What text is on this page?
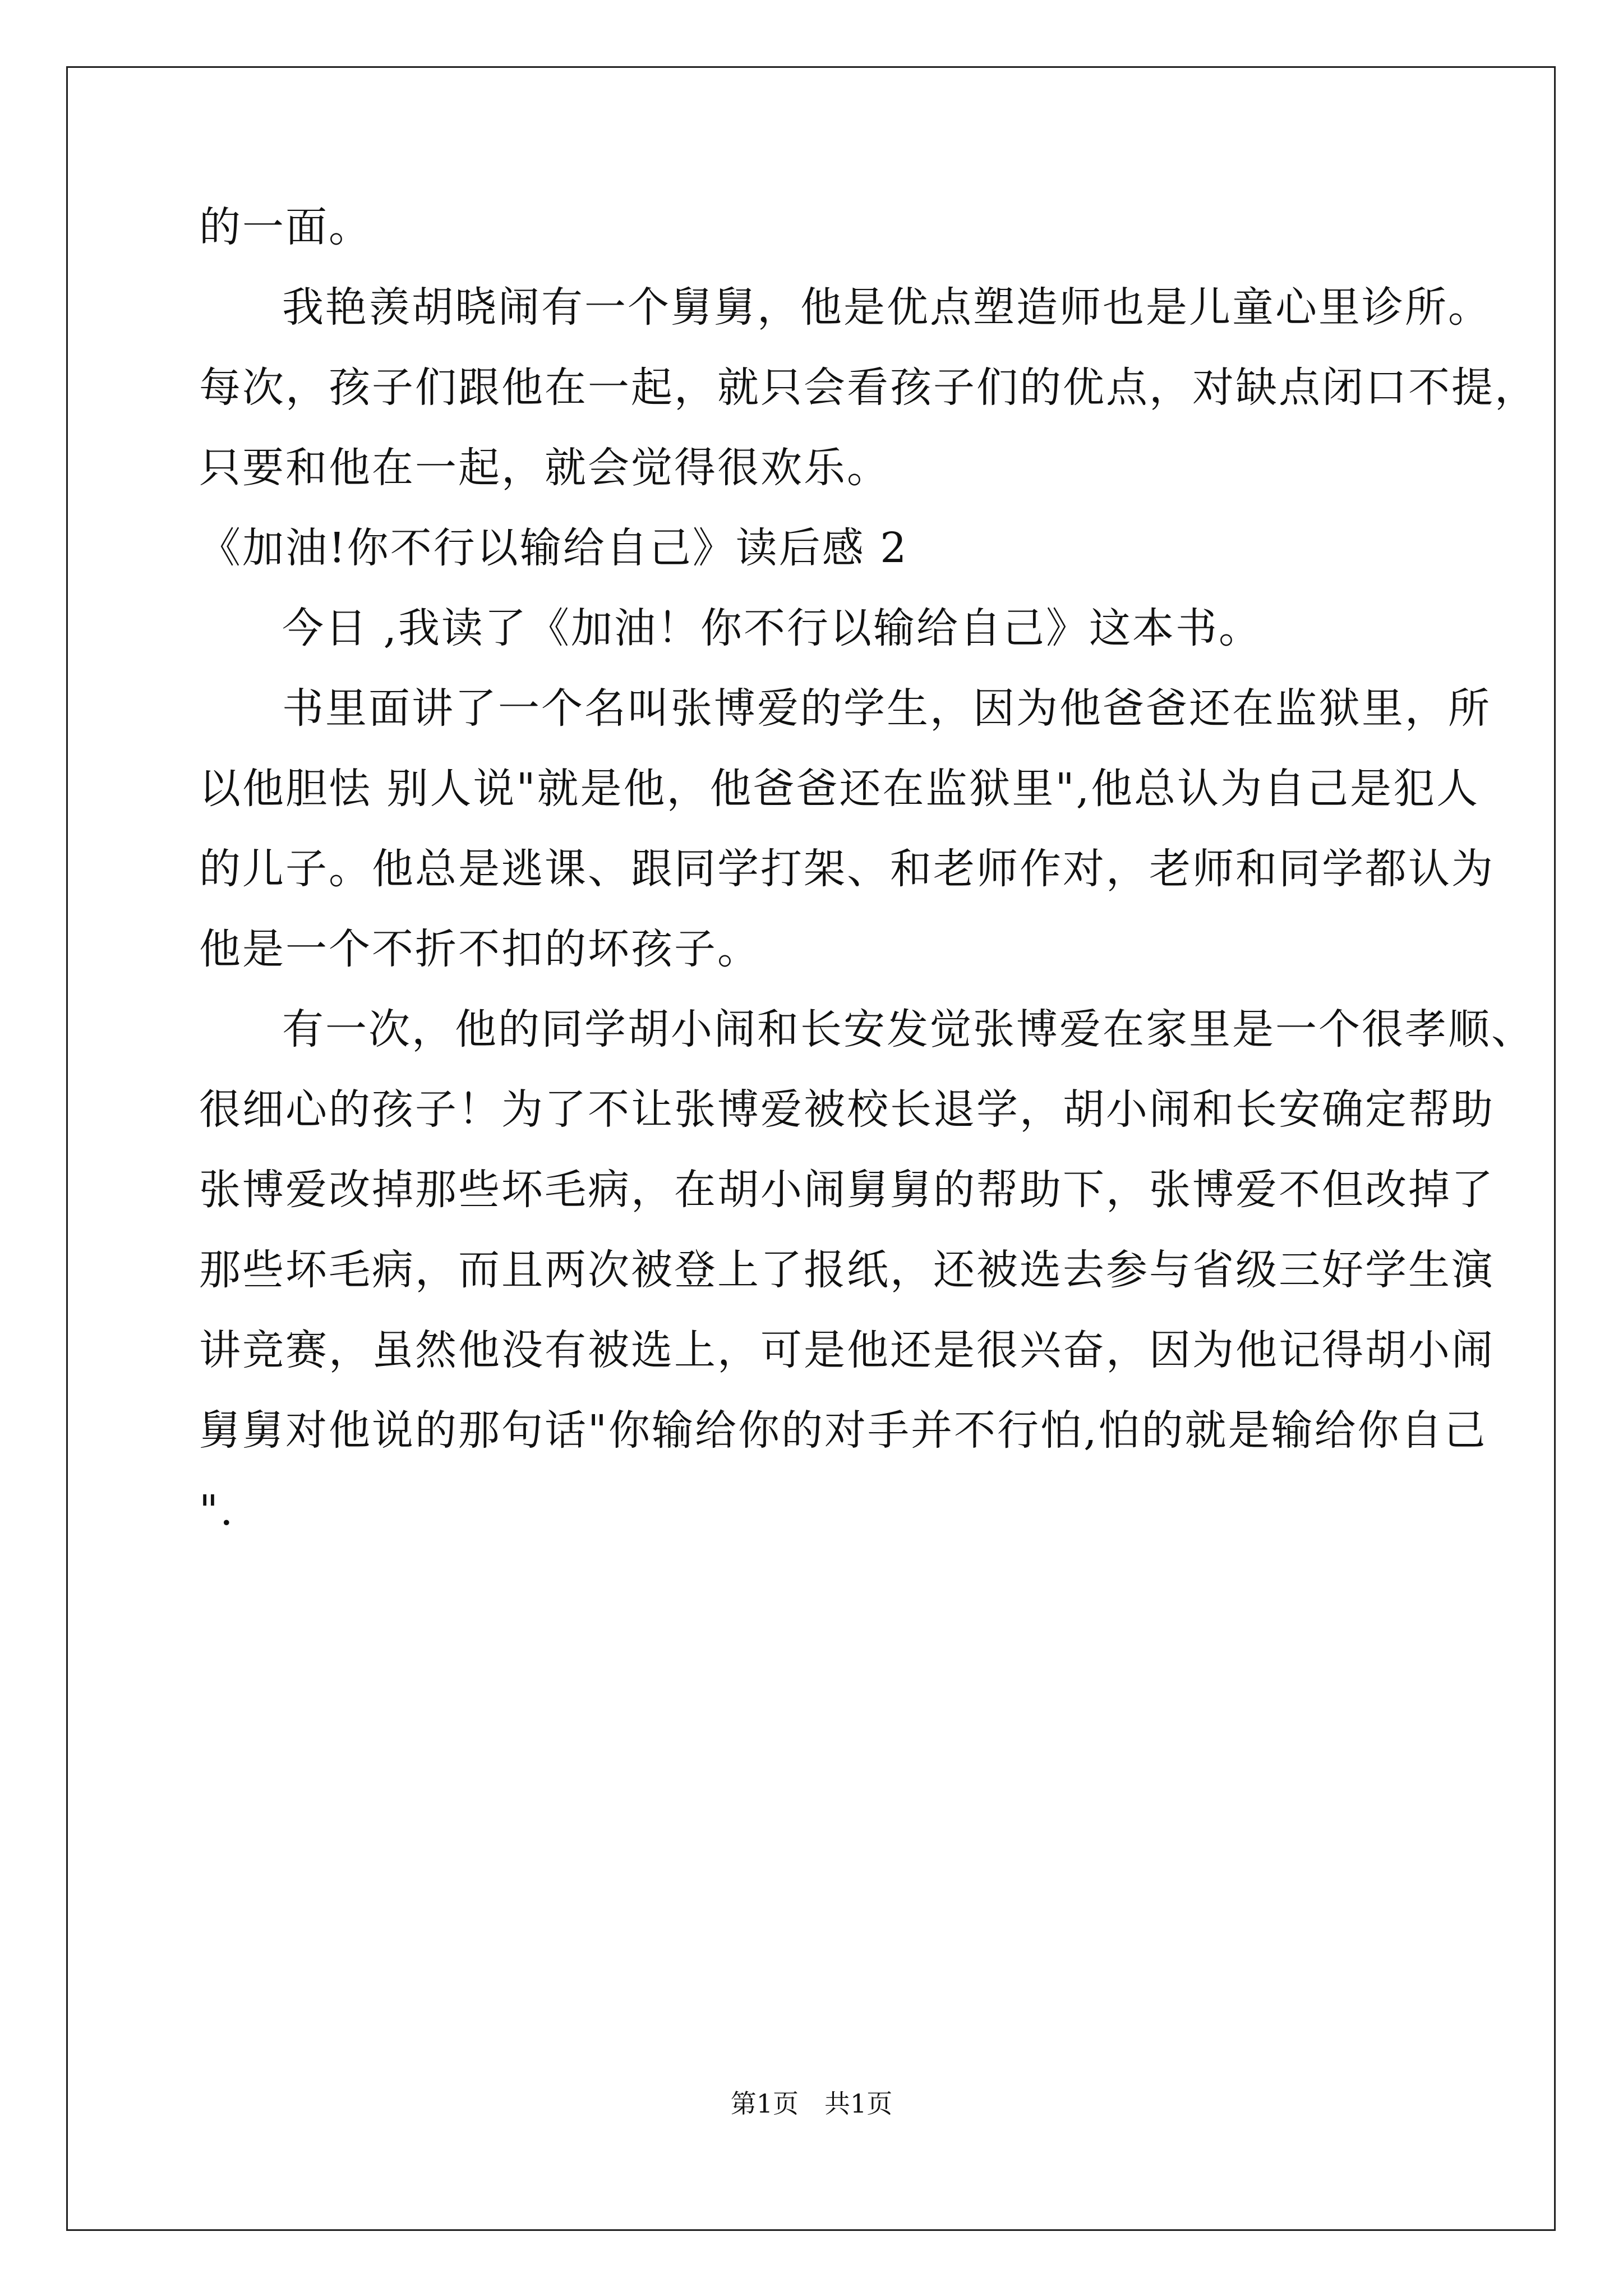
的一面。
我艳羡胡晓闹有一个舅舅，他是优点塑造师也是儿童心里诊所。
每次，孩子们跟他在一起，就只会看孩子们的优点，对缺点闭口不提，
只要和他在一起，就会觉得很欢乐。
《加油!你不行以输给自己》读后感 2
今日 ,我读了《加油！你不行以输给自己》这本书。
书里面讲了一个名叫张博爱的学生，因为他爸爸还在监狱里，所
以他胆怯 别人说"就是他，他爸爸还在监狱里",他总认为自己是犯人
的儿子。他总是逃课、跟同学打架、和老师作对，老师和同学都认为
他是一个不折不扣的坏孩子。
有一次，他的同学胡小闹和长安发觉张博爱在家里是一个很孝顺、
很细心的孩子！为了不让张博爱被校长退学，胡小闹和长安确定帮助
张博爱改掉那些坏毛病，在胡小闹舅舅的帮助下，张博爱不但改掉了
那些坏毛病，而且两次被登上了报纸，还被选去参与省级三好学生演
讲竞赛，虽然他没有被选上，可是他还是很兴奋，因为他记得胡小闹
舅舅对他说的那句话"你输给你的对手并不行怕,怕的就是输给你自己
".
第1页　共1页
